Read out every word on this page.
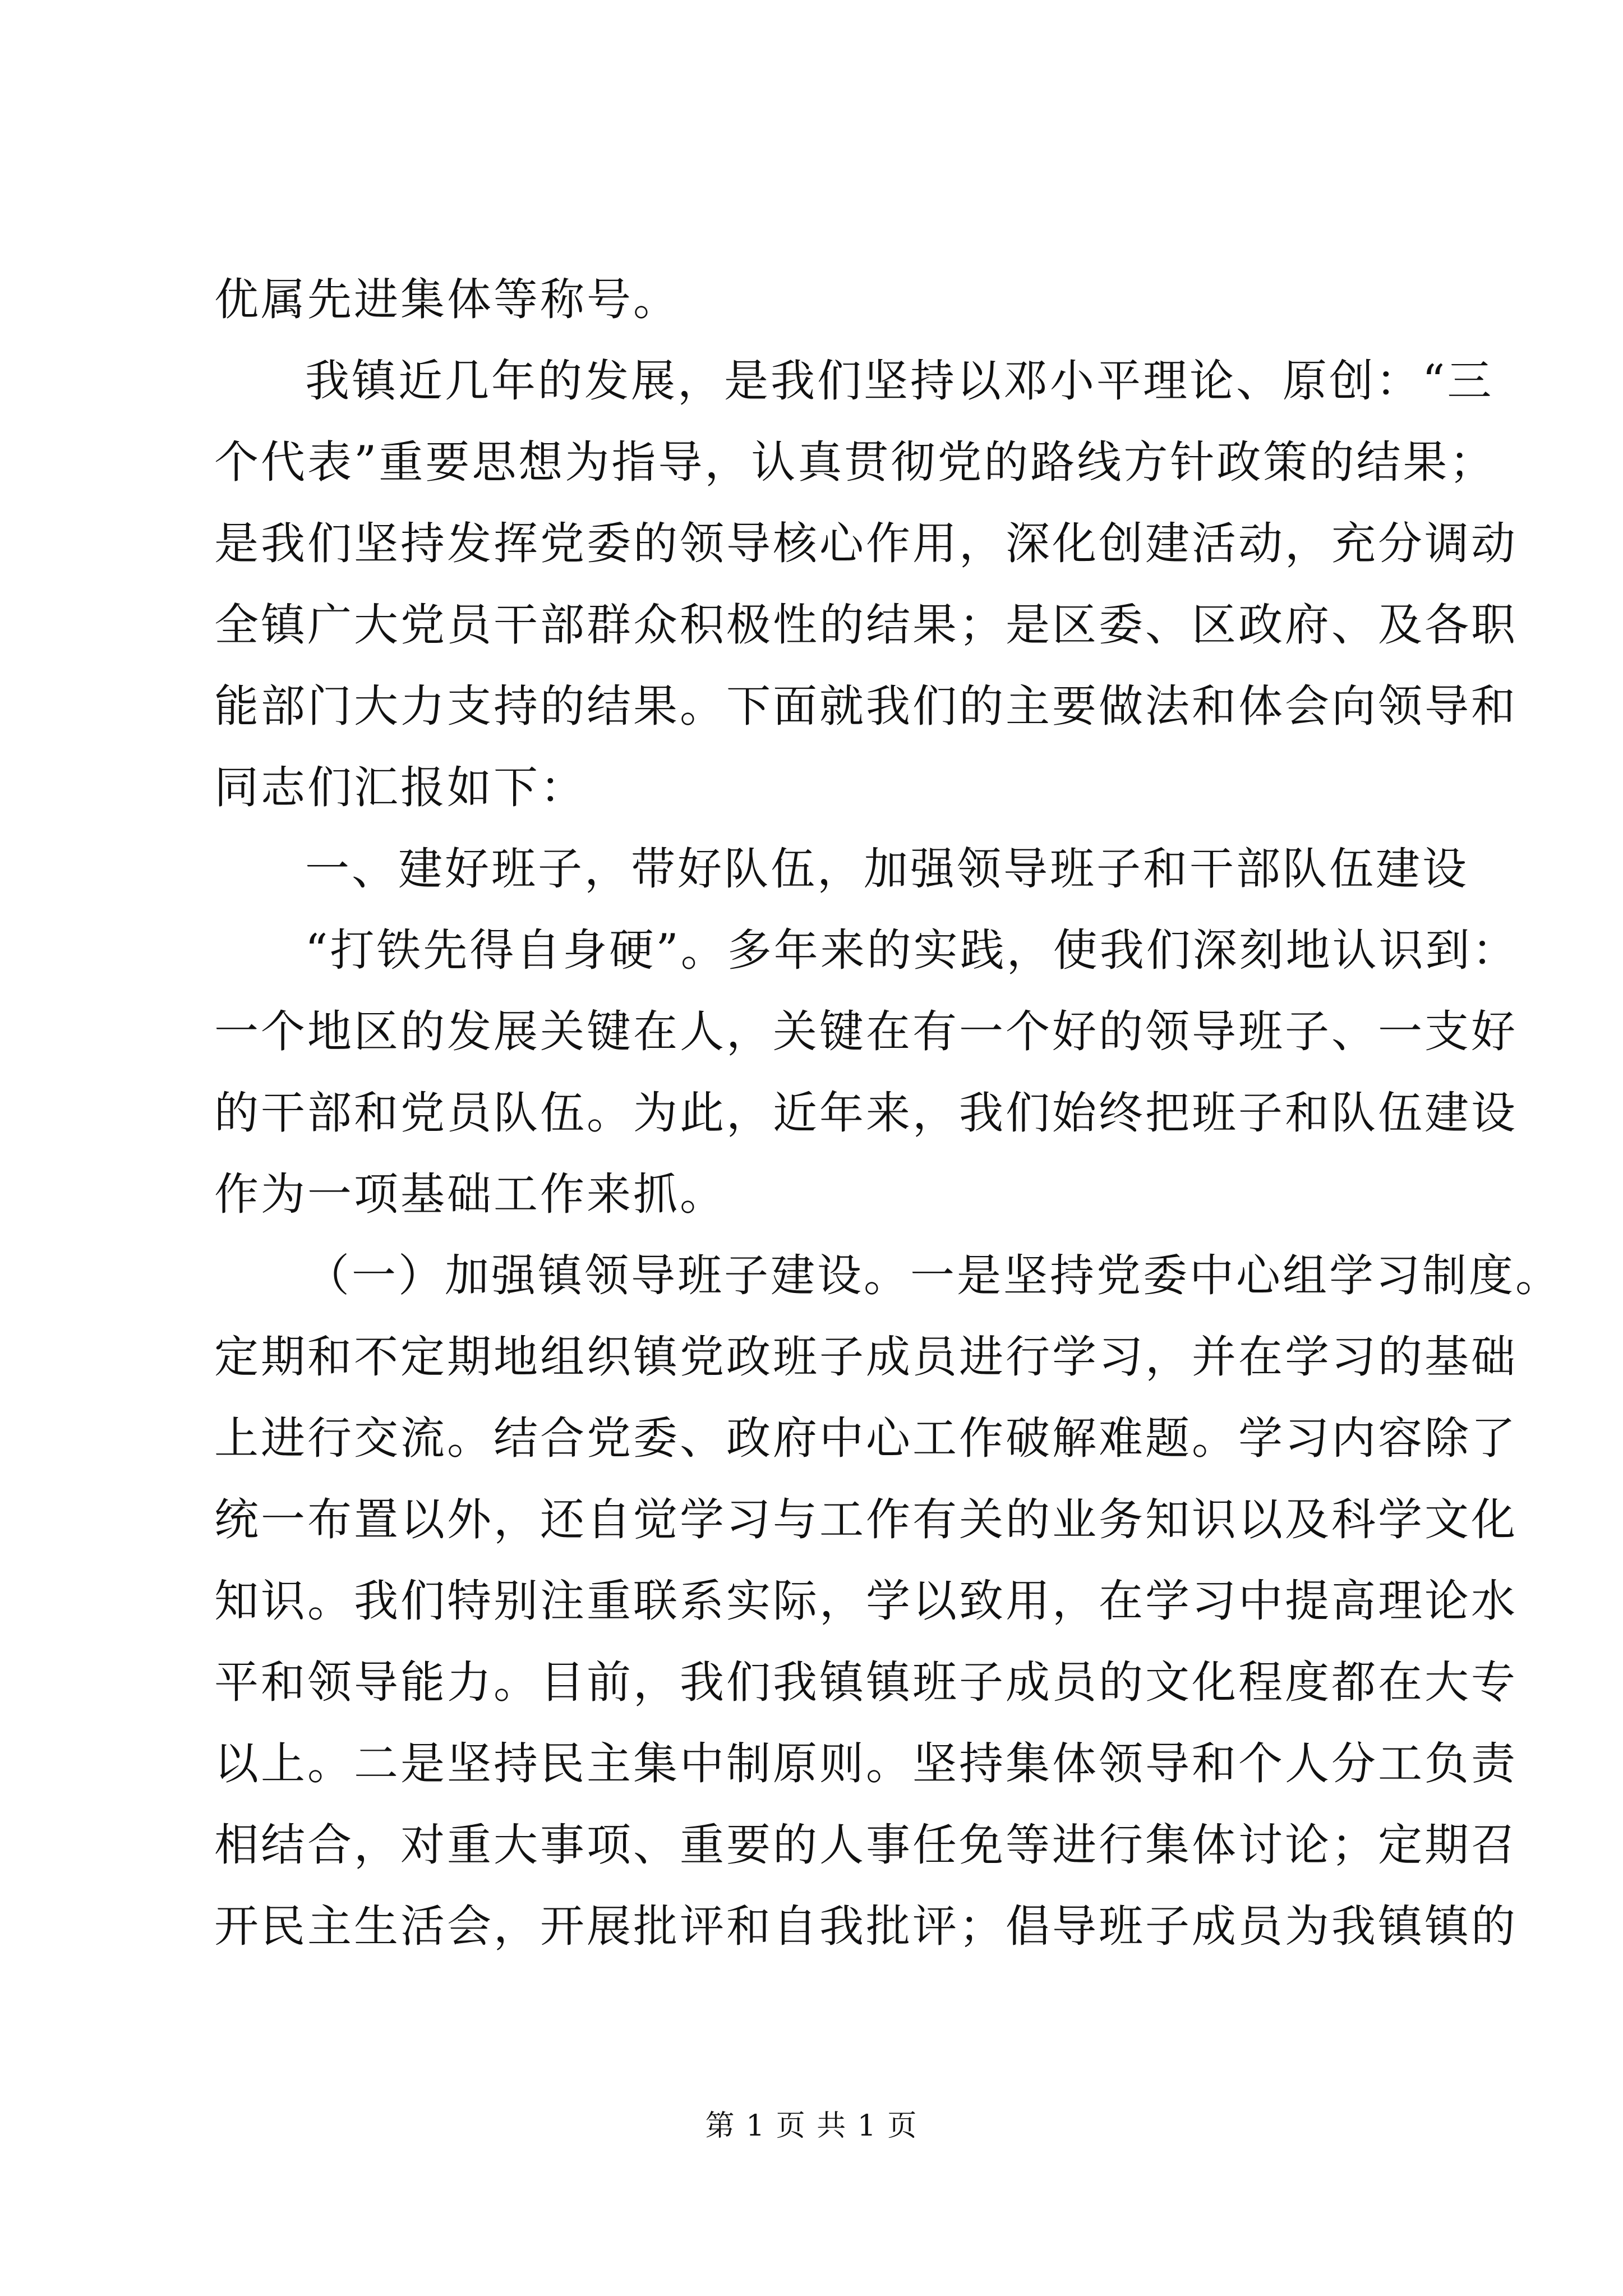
优属先进集体等称号。
我镇近几年的发展，是我们坚持以邓小平理论、原创：“三
个代表”重要思想为指导，认真贯彻党的路线方针政策的结果；
是我们坚持发挥党委的领导核心作用，深化创建活动，充分调动
全镇广大党员干部群众积极性的结果；是区委、区政府、及各职
能部门大力支持的结果。下面就我们的主要做法和体会向领导和
同志们汇报如下：
一、建好班子，带好队伍，加强领导班子和干部队伍建设
“打铁先得自身硬”。多年来的实践，使我们深刻地认识到：
一个地区的发展关键在人，关键在有一个好的领导班子、一支好
的干部和党员队伍。为此，近年来，我们始终把班子和队伍建设
作为一项基础工作来抓。
（一）加强镇领导班子建设。一是坚持党委中心组学习制度。
定期和不定期地组织镇党政班子成员进行学习，并在学习的基础
上进行交流。结合党委、政府中心工作破解难题。学习内容除了
统一布置以外，还自觉学习与工作有关的业务知识以及科学文化
知识。我们特别注重联系实际，学以致用，在学习中提高理论水
平和领导能力。目前，我们我镇镇班子成员的文化程度都在大专
以上。二是坚持民主集中制原则。坚持集体领导和个人分工负责
相结合，对重大事项、重要的人事任免等进行集体讨论；定期召
开民主生活会，开展批评和自我批评；倡导班子成员为我镇镇的
第 1 页 共 1 页
